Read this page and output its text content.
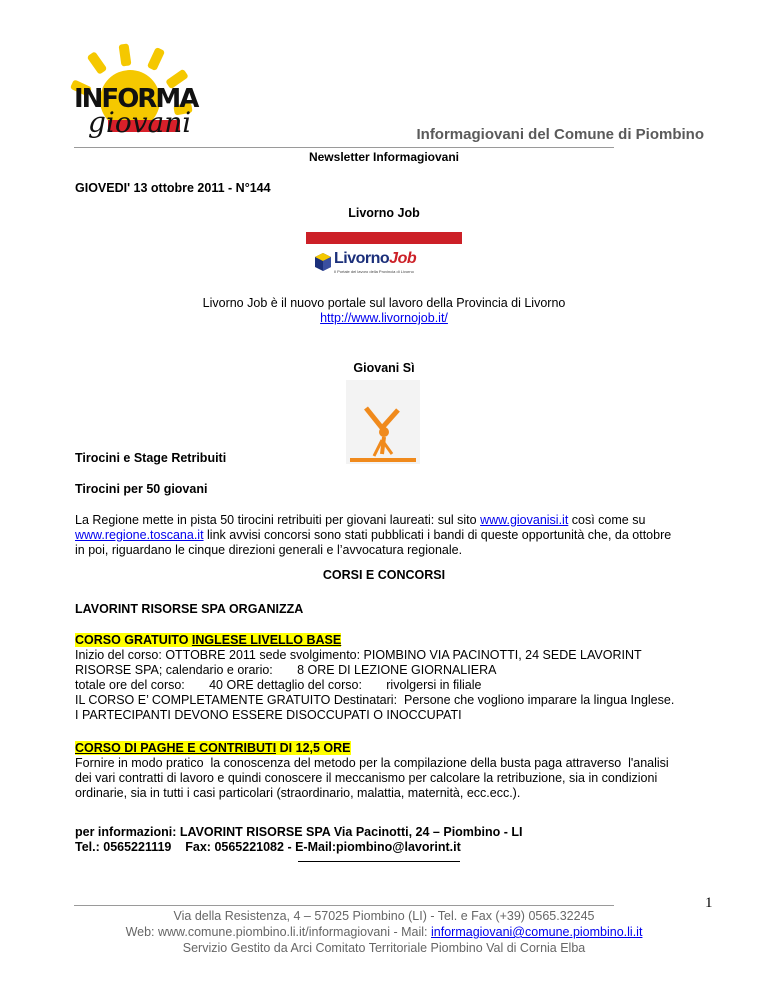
INFORMA
giovani	Informagiovani del Comune di Piombino
Newsletter Informagiovani
GIOVEDI' 13 ottobre 2011 - N°144
Livorno Job
LivornoJob
Il Portale del lavoro della Provincia di Livorno
Livorno Job è il nuovo portale sul lavoro della Provincia di Livorno
http://www.livornojob.it/
Giovani Sì
Tirocini e Stage Retribuiti
Tirocini per 50 giovani
La Regione mette in pista 50 tirocini retribuiti per giovani laureati: sul sito www.giovanisi.it così come su
www.regione.toscana.it link avvisi concorsi sono stati pubblicati i bandi di queste opportunità che, da ottobre
in poi, riguardano le cinque direzioni generali e l’avvocatura regionale.
CORSI E CONCORSI
LAVORINT RISORSE SPA ORGANIZZA
CORSO GRATUITO INGLESE LIVELLO BASE
Inizio del corso: OTTOBRE 2011 sede svolgimento: PIOMBINO VIA PACINOTTI, 24 SEDE LAVORINT
RISORSE SPA; calendario e orario:       8 ORE DI LEZIONE GIORNALIERA
totale ore del corso:       40 ORE dettaglio del corso:       rivolgersi in filiale
IL CORSO E’ COMPLETAMENTE GRATUITO Destinatari:  Persone che vogliono imparare la lingua Inglese.
I PARTECIPANTI DEVONO ESSERE DISOCCUPATI O INOCCUPATI
CORSO DI PAGHE E CONTRIBUTI DI 12,5 ORE
Fornire in modo pratico  la conoscenza del metodo per la compilazione della busta paga attraverso  l'analisi
dei vari contratti di lavoro e quindi conoscere il meccanismo per calcolare la retribuzione, sia in condizioni
ordinarie, sia in tutti i casi particolari (straordinario, malattia, maternità, ecc.ecc.).
per informazioni: LAVORINT RISORSE SPA Via Pacinotti, 24 – Piombino - LI
Tel.: 0565221119    Fax: 0565221082 - E-Mail:piombino@lavorint.it
1
Via della Resistenza, 4 – 57025 Piombino (LI) - Tel. e Fax (+39) 0565.32245
Web: www.comune.piombino.li.it/informagiovani - Mail: informagiovani@comune.piombino.li.it
Servizio Gestito da Arci Comitato Territoriale Piombino Val di Cornia Elba
